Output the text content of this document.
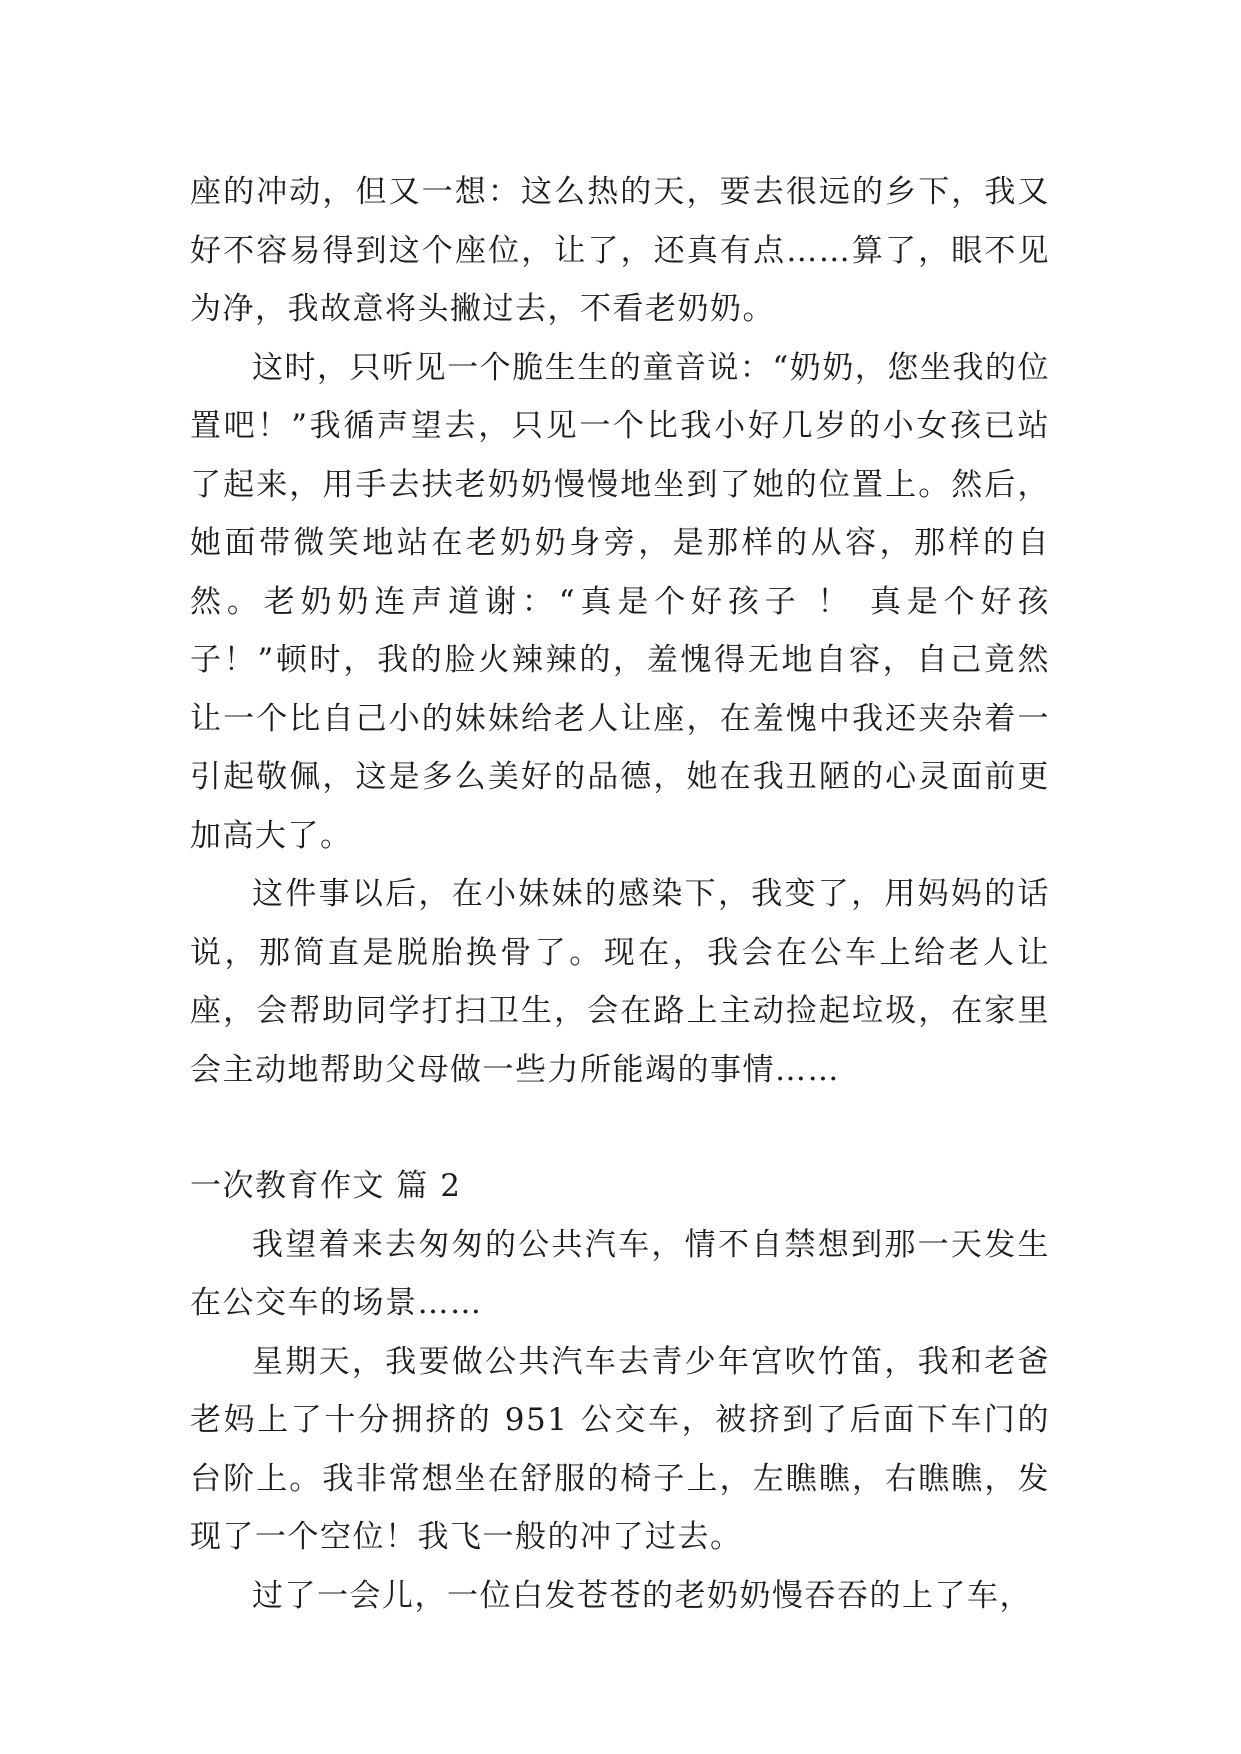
座的冲动，但又一想：这么热的天，要去很远的乡下，我又好不容易得到这个座位，让了，还真有点……算了，眼不见为净，我故意将头撇过去，不看老奶奶。

这时，只听见一个脆生生的童音说：“奶奶，您坐我的位置吧！”我循声望去，只见一个比我小好几岁的小女孩已站了起来，用手去扶老奶奶慢慢地坐到了她的位置上。然后，她面带微笑地站在老奶奶身旁，是那样的从容，那样的自然。老奶奶连声道谢：“真是个好孩子 ！ 真是个好孩子！”顿时，我的脸火辣辣的，羞愧得无地自容，自己竟然让一个比自己小的妹妹给老人让座，在羞愧中我还夹杂着一引起敬佩，这是多么美好的品德，她在我丑陋的心灵面前更加高大了。

这件事以后，在小妹妹的感染下，我变了，用妈妈的话说，那简直是脱胎换骨了。现在，我会在公车上给老人让座，会帮助同学打扫卫生，会在路上主动捡起垃圾，在家里会主动地帮助父母做一些力所能竭的事情……

一次教育作文 篇 2

我望着来去匆匆的公共汽车，情不自禁想到那一天发生在公交车的场景……

星期天，我要做公共汽车去青少年宫吹竹笛，我和老爸老妈上了十分拥挤的 951 公交车，被挤到了后面下车门的台阶上。我非常想坐在舒服的椅子上，左瞧瞧，右瞧瞧，发现了一个空位！我飞一般的冲了过去。

过了一会儿，一位白发苍苍的老奶奶慢吞吞的上了车，
